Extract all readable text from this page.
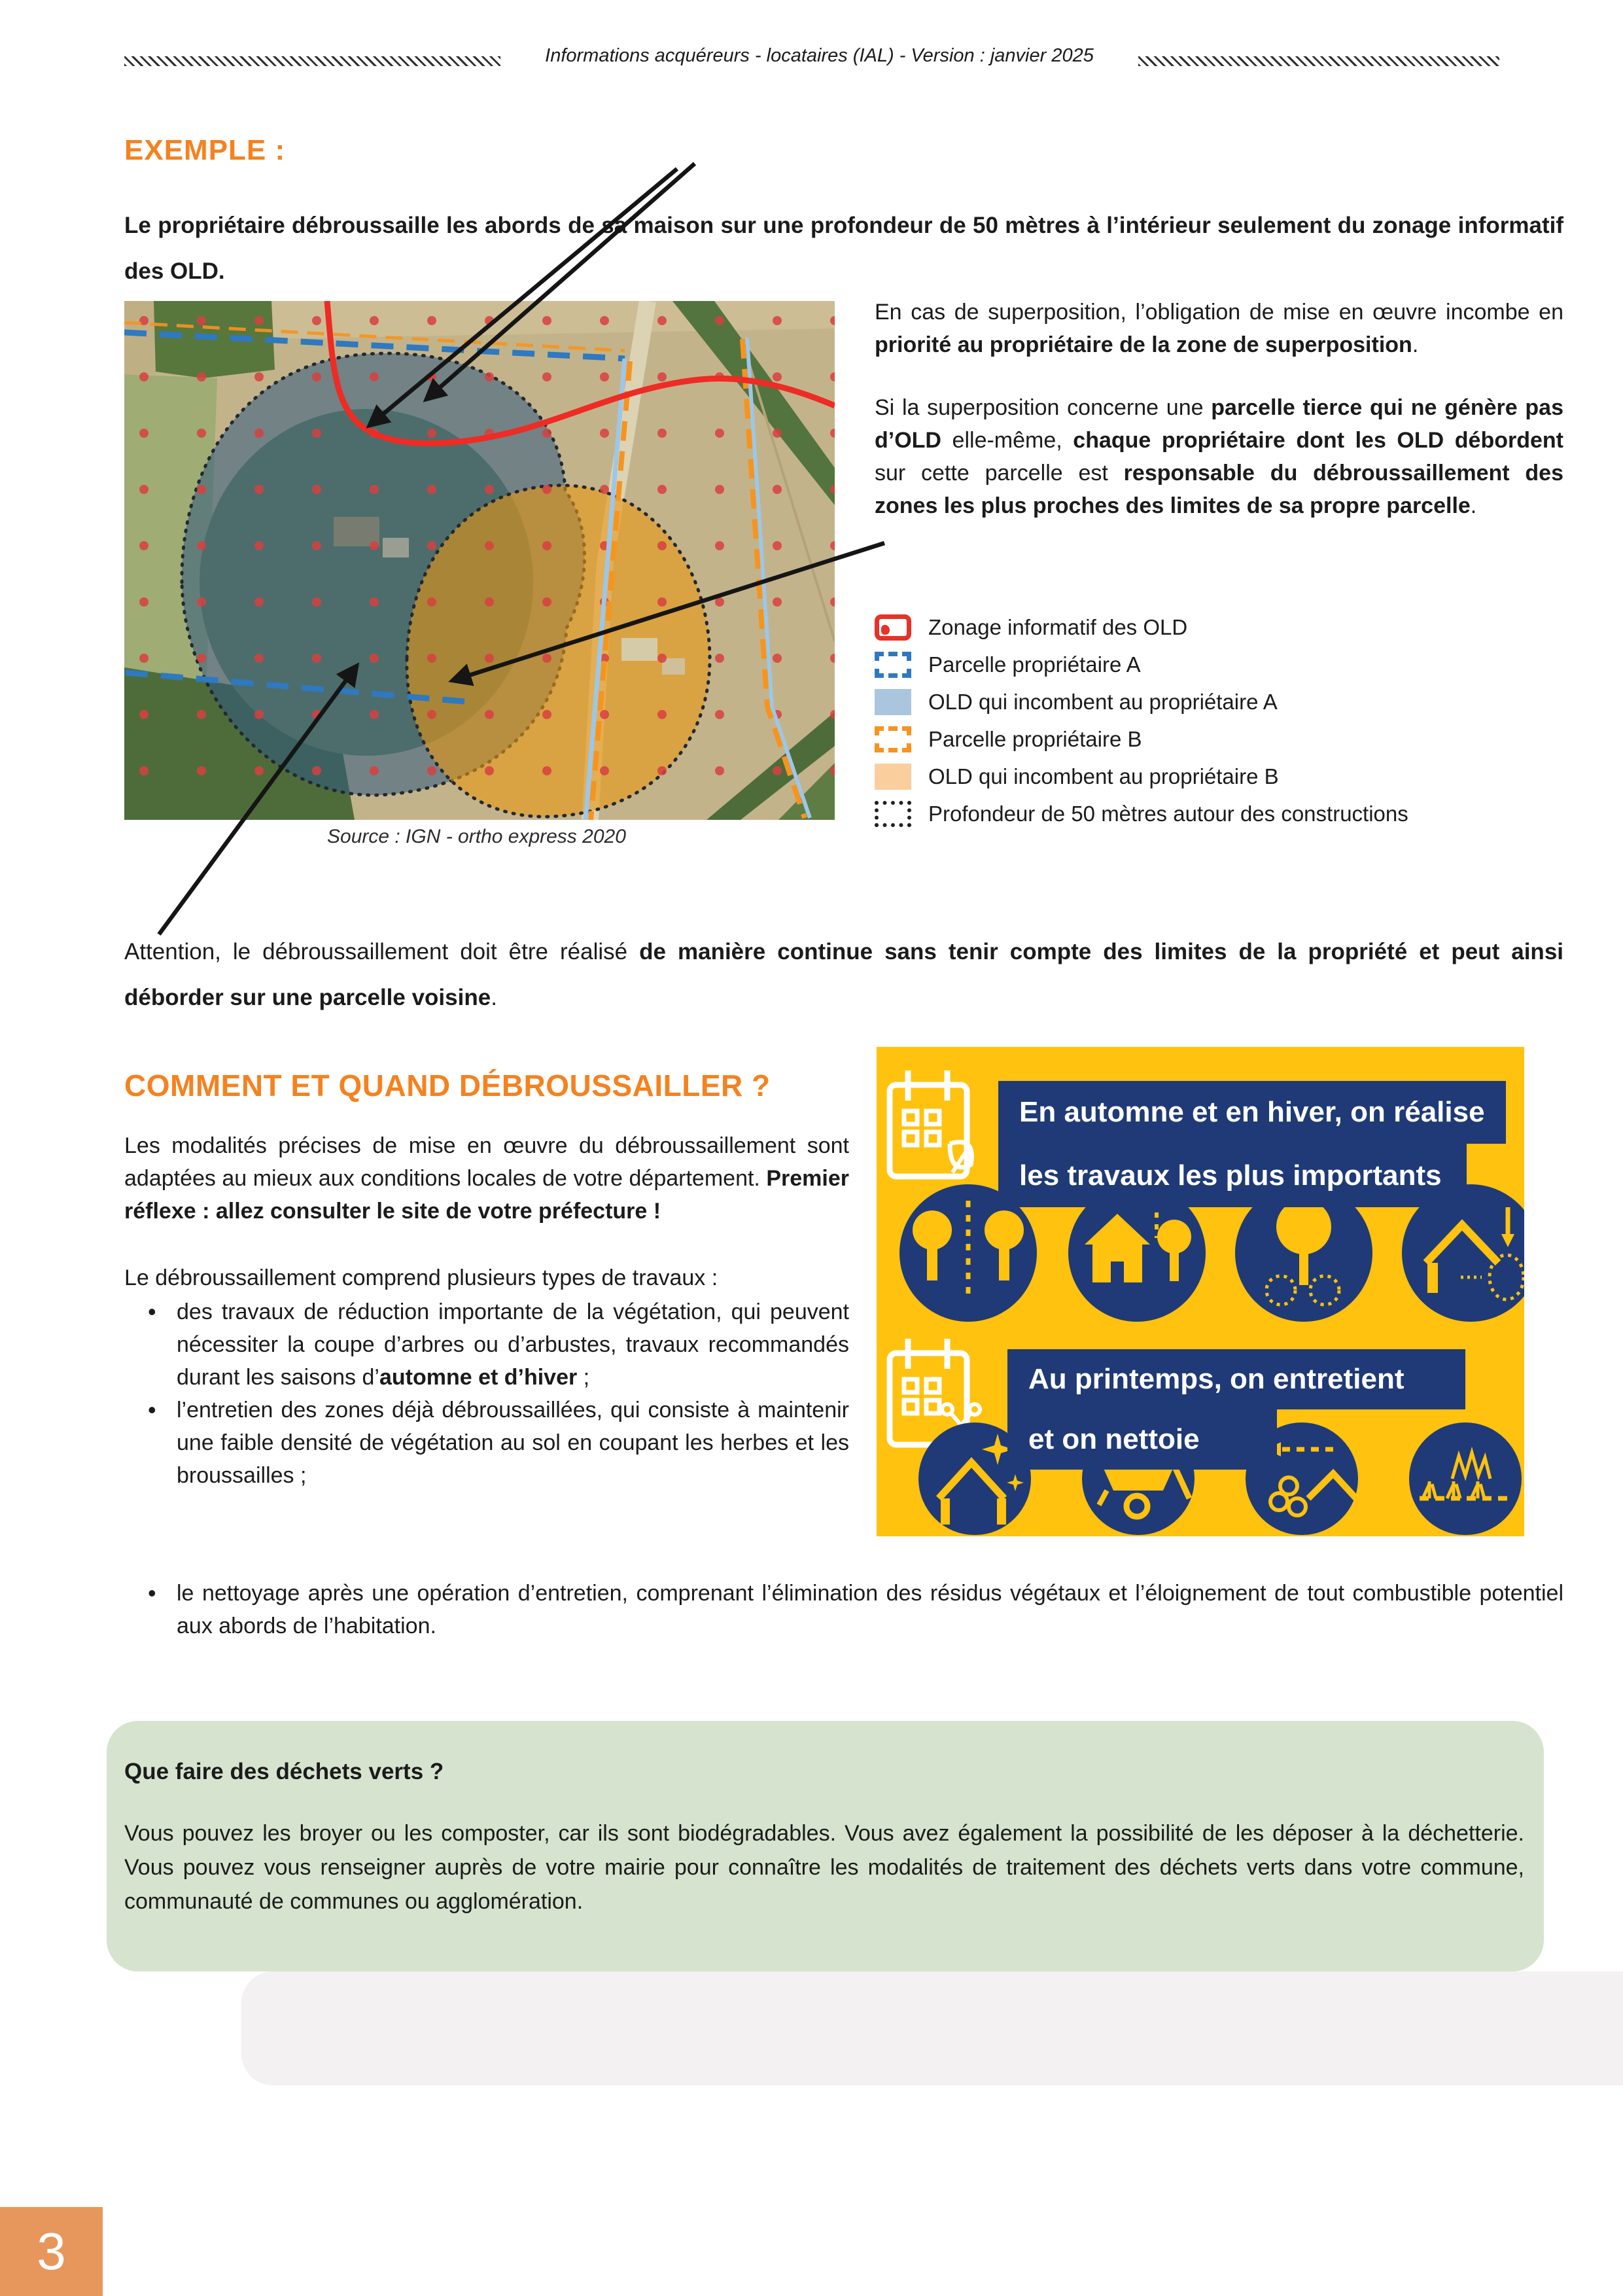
Informations acquéreurs - locataires (IAL) - Version : janvier 2025
EXEMPLE :

Le propriétaire débroussaille les abords de sa maison sur une profondeur de 50 mètres à l’intérieur seulement du zonage informatif des OLD.

Source : IGN - ortho express 2020

En cas de superposition, l’obligation de mise en œuvre incombe en priorité au propriétaire de la zone de superposition.

Si la superposition concerne une parcelle tierce qui ne génère pas d’OLD elle-même, chaque propriétaire dont les OLD débordent sur cette parcelle est responsable du débroussaillement des zones les plus proches des limites de sa propre parcelle.

Zonage informatif des OLD
Parcelle propriétaire A
OLD qui incombent au propriétaire A
Parcelle propriétaire B
OLD qui incombent au propriétaire B
Profondeur de 50 mètres autour des constructions

Attention, le débroussaillement doit être réalisé de manière continue sans tenir compte des limites de la propriété et peut ainsi déborder sur une parcelle voisine.

COMMENT ET QUAND DÉBROUSSAILLER ?

Les modalités précises de mise en œuvre du débroussaillement sont adaptées au mieux aux conditions locales de votre département. Premier réflexe : allez consulter le site de votre préfecture !

Le débroussaillement comprend plusieurs types de travaux :

• des travaux de réduction importante de la végétation, qui peuvent nécessiter la coupe d’arbres ou d’arbustes, travaux recommandés durant les saisons d’automne et d’hiver ;
• l’entretien des zones déjà débroussaillées, qui consiste à maintenir une faible densité de végétation au sol en coupant les herbes et les broussailles ;
• le nettoyage après une opération d’entretien, comprenant l’élimination des résidus végétaux et l’éloignement de tout combustible potentiel aux abords de l’habitation.
En automne et en hiver, on réalise
les travaux les plus importants
Au printemps, on entretient
et on nettoie
Que faire des déchets verts ?

Vous pouvez les broyer ou les composter, car ils sont biodégradables. Vous avez également la possibilité de les déposer à la déchetterie. Vous pouvez vous renseigner auprès de votre mairie pour connaître les modalités de traitement des déchets verts dans votre commune, communauté de communes ou agglomération.

3
